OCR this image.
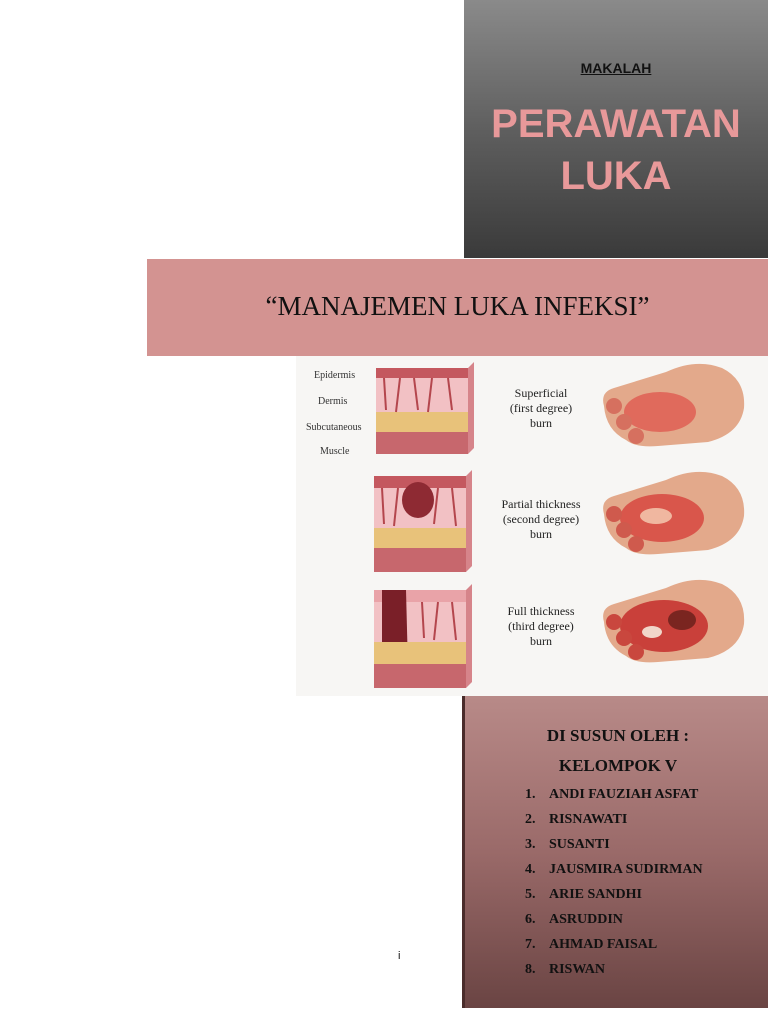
MAKALAH
PERAWATAN
LUKA
“MANAJEMEN LUKA INFEKSI”
Epidermis
Dermis
Subcutaneous
Muscle
Superficial
(first degree)
burn
Partial thickness
(second degree)
burn
Full thickness
(third degree)
burn
DI SUSUN OLEH :
KELOMPOK V
1. ANDI FAUZIAH ASFAT
2. RISNAWATI
3. SUSANTI
4. JAUSMIRA SUDIRMAN
5. ARIE SANDHI
6. ASRUDDIN
7. AHMAD FAISAL
8. RISWAN
i
